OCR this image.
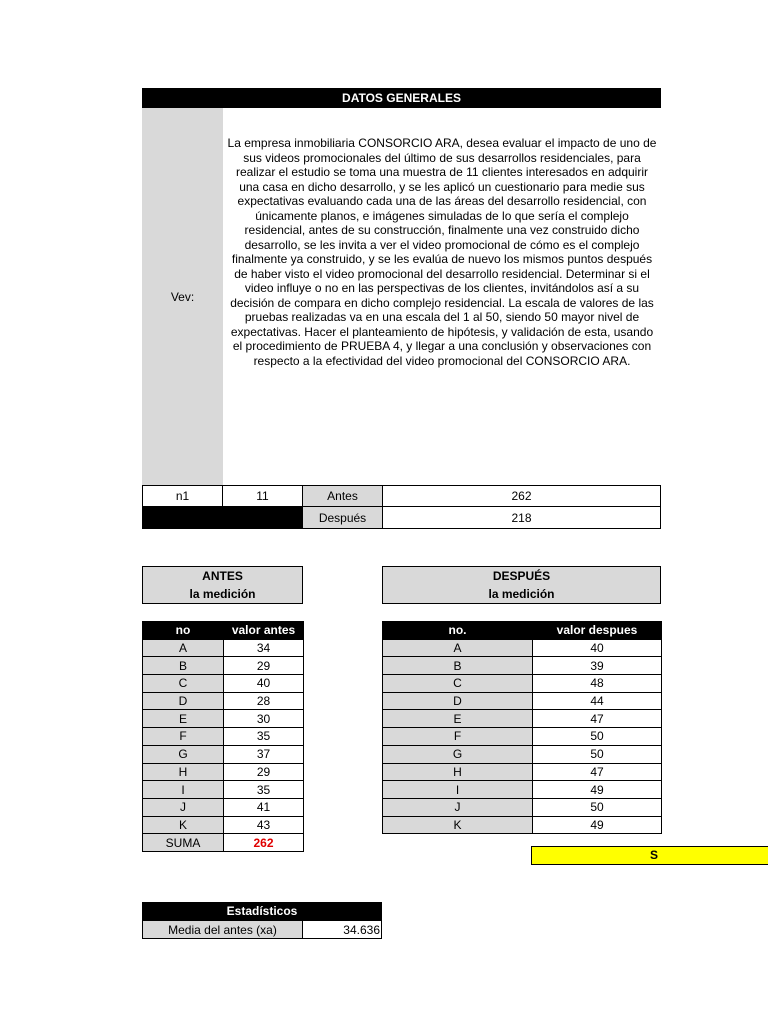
DATOS GENERALES
Vev:
La empresa inmobiliaria CONSORCIO ARA, desea evaluar el impacto de uno de sus videos promocionales del último de sus desarrollos residenciales, para realizar el estudio se toma una muestra de 11 clientes interesados en adquirir una casa en dicho desarrollo, y se les aplicó un cuestionario para medie sus expectativas evaluando cada una de las áreas del desarrollo residencial, con únicamente planos, e imágenes simuladas de lo que sería el complejo residencial, antes de su construcción, finalmente una vez construido dicho desarrollo, se les invita a ver el video promocional de cómo es el complejo finalmente ya construido, y se les evalúa de nuevo los mismos puntos después de haber visto el video promocional del desarrollo residencial. Determinar si el video influye o no en las perspectivas de los clientes, invitándolos así a su decisión de compara en dicho complejo residencial. La escala de valores de las pruebas realizadas va en una escala del 1 al 50, siendo 50 mayor nivel de expectativas. Hacer el planteamiento de hipótesis, y validación de esta, usando el procedimiento de PRUEBA 4, y llegar a una conclusión y observaciones con respecto a la efectividad del video promocional del CONSORCIO ARA.
n1	11	Antes	262
Después	218
ANTES
la medición
DESPUÉS
la medición
no	valor antes
A	34
B	29
C	40
D	28
E	30
F	35
G	37
H	29
I	35
J	41
K	43
SUMA	262
no.	valor despues
A	40
B	39
C	48
D	44
E	47
F	50
G	50
H	47
I	49
J	50
K	49
S
Estadísticos
Media del antes (xa)	34.636
